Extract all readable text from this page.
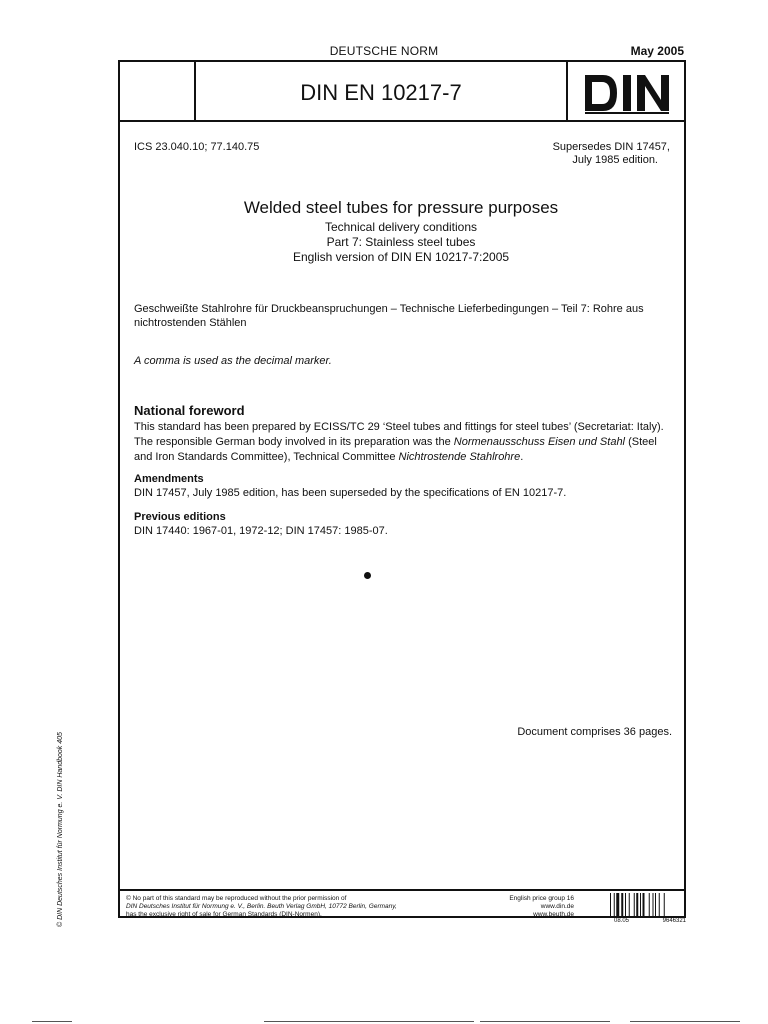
DEUTSCHE NORM	May 2005
DIN EN 10217-7
ICS 23.040.10; 77.140.75	Supersedes DIN 17457,
July 1985 edition.
Welded steel tubes for pressure purposes
Technical delivery conditions
Part 7: Stainless steel tubes
English version of DIN EN 10217-7:2005
Geschweißte Stahlrohre für Druckbeanspruchungen – Technische Lieferbedingungen – Teil 7: Rohre aus nichtrostenden Stählen
A comma is used as the decimal marker.
National foreword
This standard has been prepared by ECISS/TC 29 ‘Steel tubes and fittings for steel tubes’ (Secretariat: Italy). The responsible German body involved in its preparation was the Normenausschuss Eisen und Stahl (Steel and Iron Standards Committee), Technical Committee Nichtrostende Stahlrohre.
Amendments
DIN 17457, July 1985 edition, has been superseded by the specifications of EN 10217-7.
Previous editions
DIN 17440: 1967-01, 1972-12; DIN 17457: 1985-07.
Document comprises 36 pages.
© No part of this standard may be reproduced without the prior permission of
DIN Deutsches Institut für Normung e. V., Berlin. Beuth Verlag GmbH, 10772 Berlin, Germany,
has the exclusive right of sale for German Standards (DIN-Normen).
English price group 16
www.din.de
www.beuth.de
08.05	9646321
© DIN Deutsches Institut für Normung e. V. DIN Handbook 405
